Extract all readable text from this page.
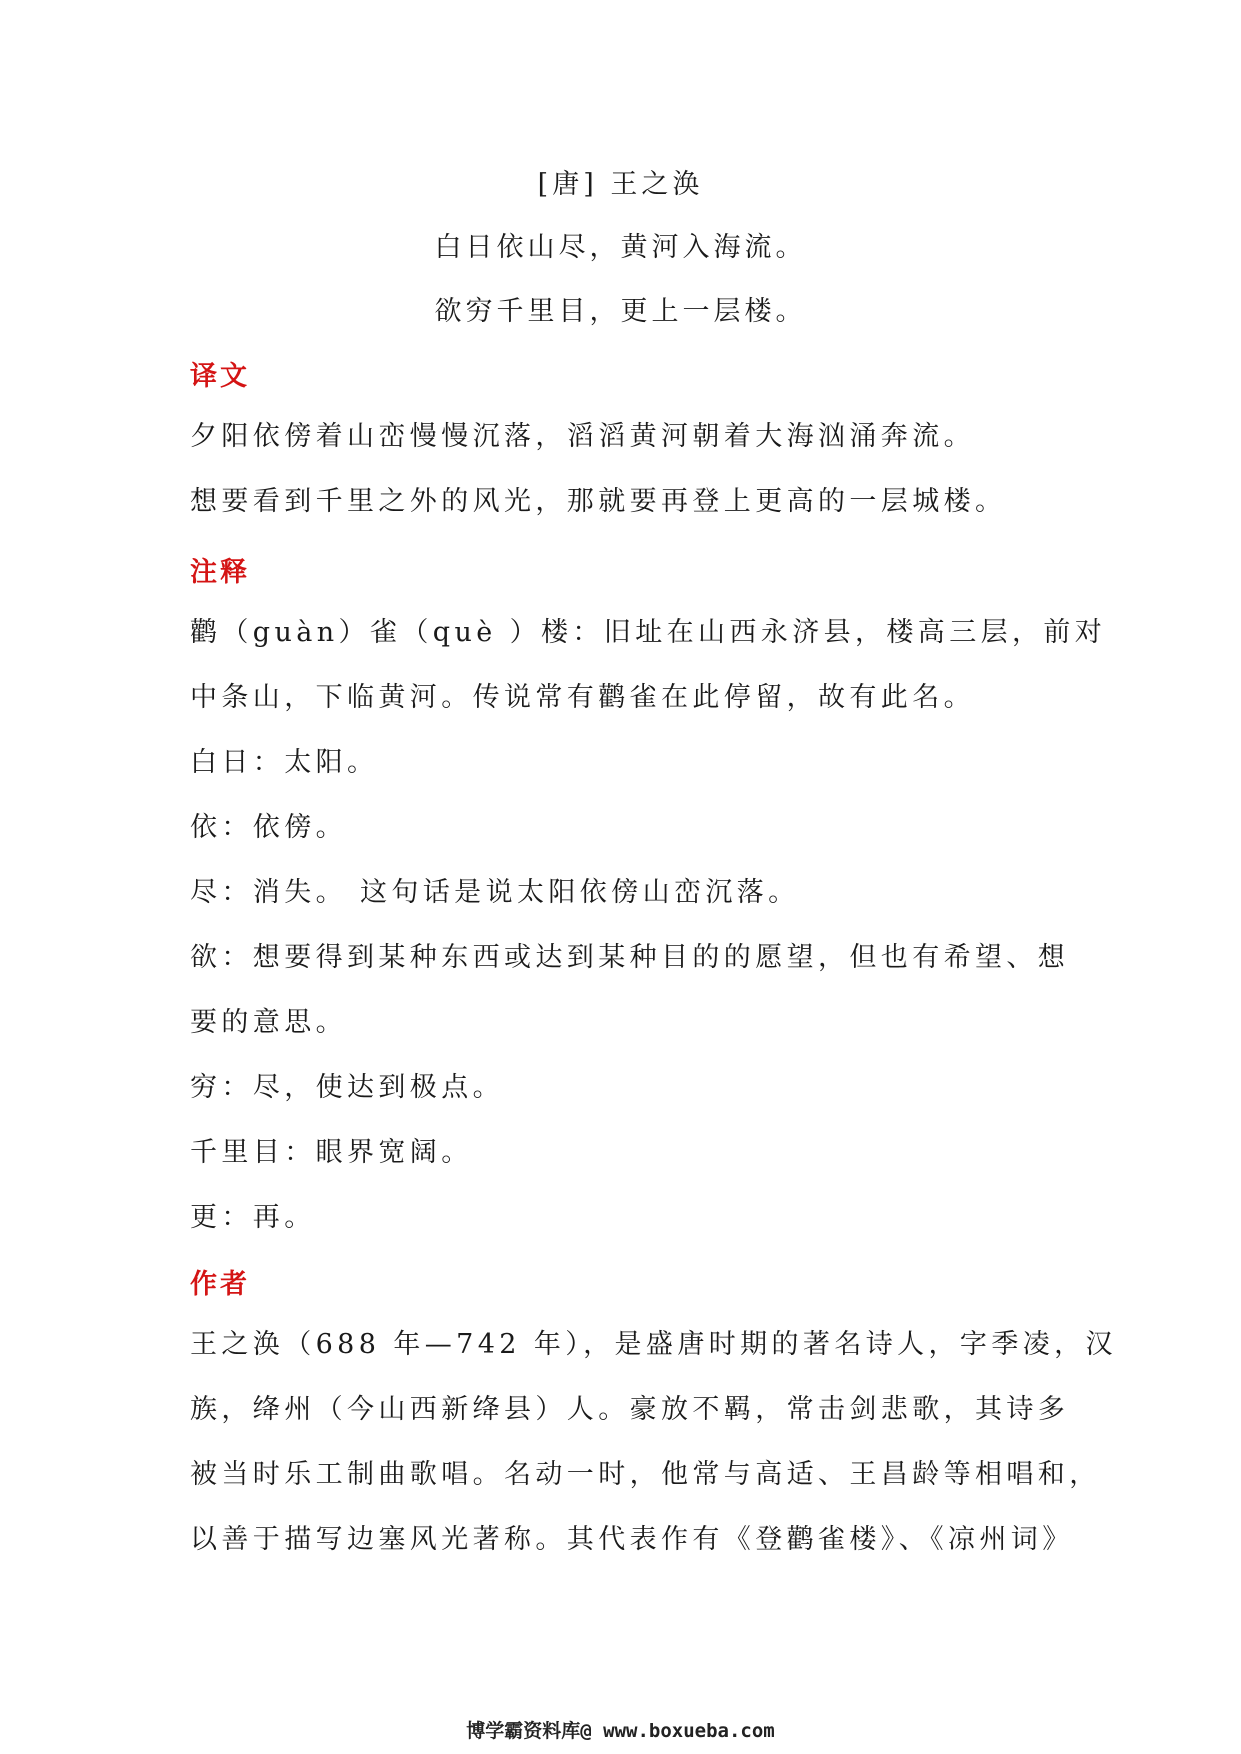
[唐] 王之涣

白日依山尽，黄河入海流。

欲穷千里目，更上一层楼。

译文

夕阳依傍着山峦慢慢沉落，滔滔黄河朝着大海汹涌奔流。
想要看到千里之外的风光，那就要再登上更高的一层城楼。

注释
鹳（guàn）雀（què ）楼：旧址在山西永济县，楼高三层，前对
中条山，下临黄河。传说常有鹳雀在此停留，故有此名。
白日：太阳。
依：依傍。
尽：消失。 这句话是说太阳依傍山峦沉落。
欲：想要得到某种东西或达到某种目的的愿望，但也有希望、想
要的意思。
穷：尽，使达到极点。
千里目：眼界宽阔。
更：再。
作者
王之涣（688 年—742 年），是盛唐时期的著名诗人，字季凌，汉
族，绛州（今山西新绛县）人。豪放不羁，常击剑悲歌，其诗多
被当时乐工制曲歌唱。名动一时，他常与高适、王昌龄等相唱和，
以善于描写边塞风光著称。其代表作有《登鹳雀楼》、《凉州词》
博学霸资料库@ www.boxueba.com
